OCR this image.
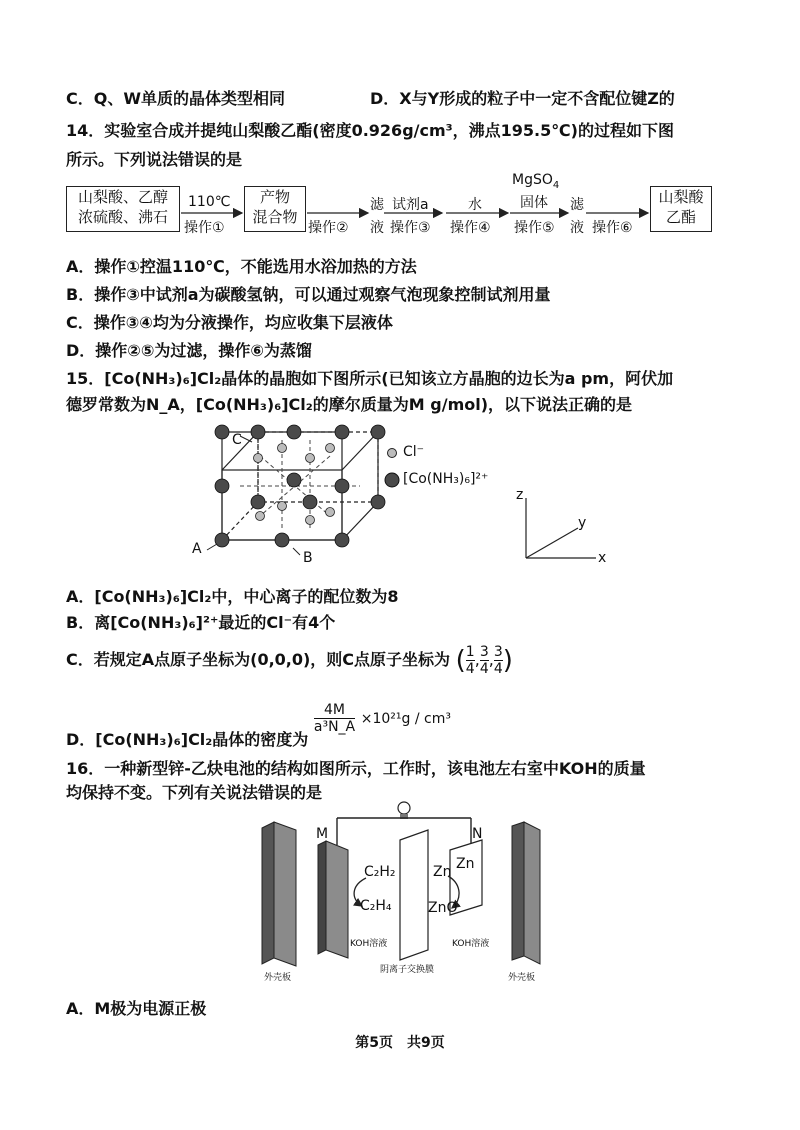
C．Q、W单质的晶体类型相同	D．X与Y形成的粒子中一定不含配位键Z的
14．实验室合成并提纯山梨酸乙酯(密度0.926g/cm³，沸点195.5℃)的过程如下图
所示。下列说法错误的是
山梨酸、乙醇
浓硫酸、沸石
产物
混合物
山梨酸
乙酯
110℃
操作①	操作②
滤
液
试剂a
操作③
水
操作④
MgSO$_4$
固体
操作⑤
滤
液 操作⑥
A．操作①控温110℃，不能选用水浴加热的方法
B．操作③中试剂a为碳酸氢钠，可以通过观察气泡现象控制试剂用量
C．操作③④均为分液操作，均应收集下层液体
D．操作②⑤为过滤，操作⑥为蒸馏
15．[Co(NH₃)₆]Cl₂晶体的晶胞如下图所示(已知该立方晶胞的边长为a pm，阿伏加
德罗常数为N_A，[Co(NH₃)₆]Cl₂的摩尔质量为M g/mol)，以下说法正确的是
C
A
B
Cl⁻
[Co(NH₃)₆]²⁺
z
y
x
A．[Co(NH₃)₆]Cl₂中，中心离子的配位数为8
B．离[Co(NH₃)₆]²⁺最近的Cl⁻有4个
C．若规定A点原子坐标为(0,0,0)，则C点原子坐标为 ( $\frac{1}{4}$ , $\frac{3}{4}$ , $\frac{3}{4}$ )
D．[Co(NH₃)₆]Cl₂晶体的密度为
$\frac{4M}{\text{a³N\_A}} \times 10^{21}g / cm^3$
16．一种新型锌-乙炔电池的结构如图所示，工作时，该电池左右室中KOH的质量
均保持不变。下列有关说法错误的是
M	N
C₂H₂
C₂H₄
Zn
Zn
ZnO
KOH溶液	KOH溶液
阴离子交换膜
外壳板	外壳板
A．M极为电源正极
第5页　共9页
